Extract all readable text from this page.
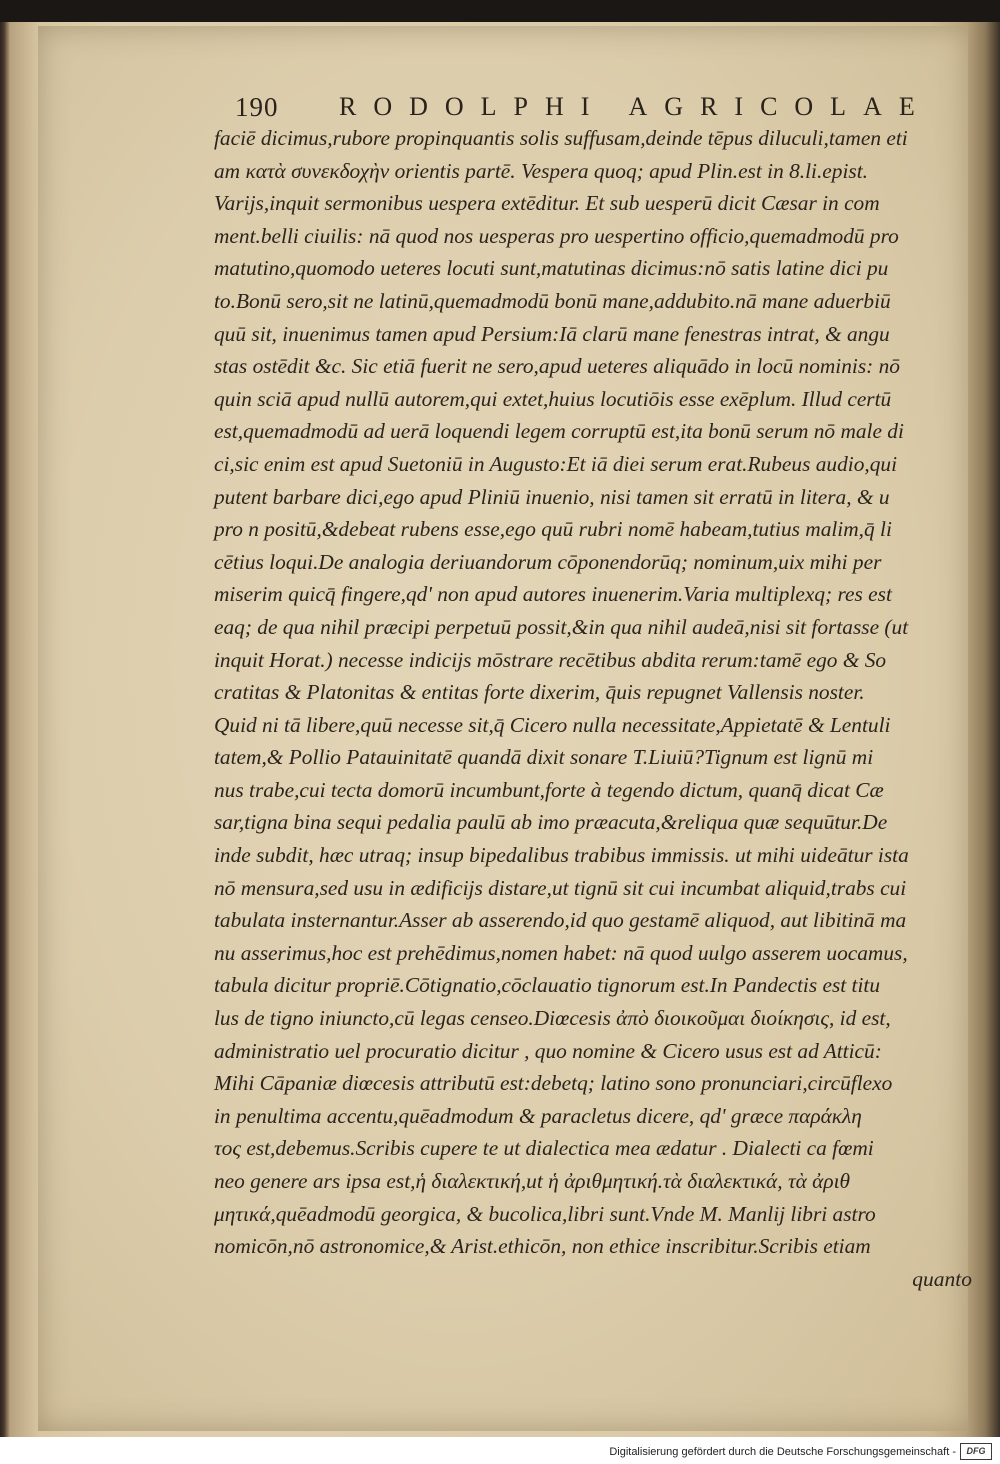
190 RODOLPHI AGRICOLAE
faciē dicimus,rubore propinquantis solis suffusam,deinde tēpus diluculi,tamen eti
am κατὰ συνεκδοχὴν orientis partē. Vespera quoq; apud Plin.est in 8.li.epist.
Varijs,inquit sermonibus uespera extēditur. Et sub uesperū dicit Cæsar in com
ment.belli ciuilis: nā quod nos uesperas pro uespertino officio,quemadmodū pro
matutino,quomodo ueteres locuti sunt,matutinas dicimus:nō satis latine dici pu
to.Bonū sero,sit ne latinū,quemadmodū bonū mane,addubito.nā mane aduerbiū
quū sit, inuenimus tamen apud Persium:Iā clarū mane fenestras intrat, & angu
stas ostēdit &c. Sic etiā fuerit ne sero,apud ueteres aliquādo in locū nominis: nō
quin sciā apud nullū autorem,qui extet,huius locutiōis esse exēplum. Illud certū
est,quemadmodū ad uerā loquendi legem corruptū est,ita bonū serum nō male di
ci,sic enim est apud Suetoniū in Augusto:Et iā diei serum erat.Rubeus audio,qui
putent barbare dici,ego apud Pliniū inuenio, nisi tamen sit erratū in litera, & u
pro n positū,&debeat rubens esse,ego quū rubri nomē habeam,tutius malim,q̄ li
cētius loqui.De analogia deriuandorum cōponendorūq; nominum,uix mihi per
miserim quicq̄ fingere,qd' non apud autores inuenerim.Varia multiplexq; res est
eaq; de qua nihil præcipi perpetuū possit,&in qua nihil audeā,nisi sit fortasse (ut
inquit Horat.) necesse indicijs mōstrare recētibus abdita rerum:tamē ego & So
cratitas & Platonitas & entitas forte dixerim, q̄uis repugnet Vallensis noster.
Quid ni tā libere,quū necesse sit,q̄ Cicero nulla necessitate,Appietatē & Lentuli
tatem,& Pollio Patauinitatē quandā dixit sonare T.Liuiū?Tignum est lignū mi
nus trabe,cui tecta domorū incumbunt,forte à tegendo dictum, quanq̄ dicat Cæ
sar,tigna bina sequi pedalia paulū ab imo præacuta,&reliqua quæ sequūtur.De
inde subdit, hæc utraq; insup bipedalibus trabibus immissis. ut mihi uideātur ista
nō mensura,sed usu in ædificijs distare,ut tignū sit cui incumbat aliquid,trabs cui
tabulata insternantur.Asser ab asserendo,id quo gestamē aliquod, aut libitinā ma
nu asserimus,hoc est prehēdimus,nomen habet: nā quod uulgo asserem uocamus,
tabula dicitur propriē.Cōtignatio,cōclauatio tignorum est.In Pandectis est titu
lus de tigno iniuncto,cū legas censeo.Diœcesis ἀπὸ διοικοῦμαι διοίκησις, id est,
administratio uel procuratio dicitur , quo nomine & Cicero usus est ad Atticū:
Mihi Cāpaniæ diœcesis attributū est:debetq; latino sono pronunciari,circūflexo
in penultima accentu,quēadmodum & paracletus dicere, qd' græce παράκλη
τος est,debemus.Scribis cupere te ut dialectica mea ædatur . Dialecti ca fœmi
neo genere ars ipsa est,ἡ διαλεκτική,ut ἡ ἀριθμητική.τὰ διαλεκτικά, τὰ ἀριθ
μητικά,quēadmodū georgica, & bucolica,libri sunt.Vnde M. Manlij libri astro
nomicōn,nō astronomice,& Arist.ethicōn, non ethice inscribitur.Scribis etiam
quanto
Digitalisierung gefördert durch die Deutsche Forschungsgemeinschaft -	DFG
